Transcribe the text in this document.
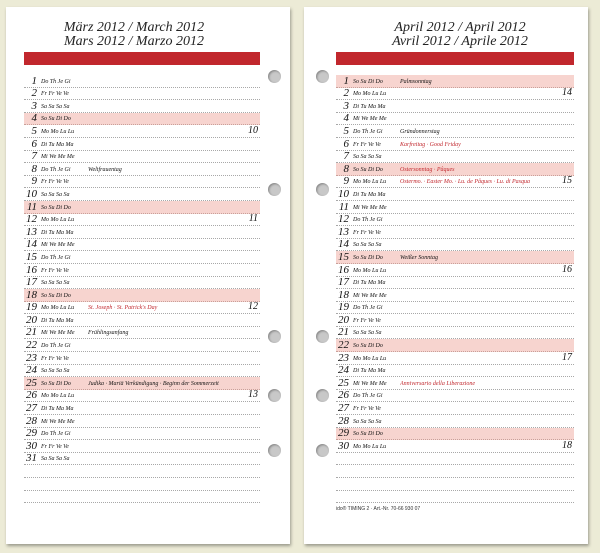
März 2012 / March 2012
Mars 2012 / Marzo 2012
1 Do Th Je Gi
2 Fr Fr Ve Ve
3 Sa Sa Sa Sa
4 So Su Di Do
5 Mo Mo Lu Lu	10
6 Di Tu Ma Ma
7 Mi We Me Me
8 Do Th Je Gi	Weltfrauentag
9 Fr Fr Ve Ve
10 Sa Sa Sa Sa
11 So Su Di Do
12 Mo Mo Lu Lu	11
13 Di Tu Ma Ma
14 Mi We Me Me
15 Do Th Je Gi
16 Fr Fr Ve Ve
17 Sa Sa Sa Sa
18 So Su Di Do
19 Mo Mo Lu Lu	St. Joseph · St. Patrick's Day	12
20 Di Tu Ma Ma
21 Mi We Me Me	Frühlingsanfang
22 Do Th Je Gi
23 Fr Fr Ve Ve
24 Sa Sa Sa Sa
25 So Su Di Do	Judika · Mariä Verkündigung · Beginn der Sommerzeit
26 Mo Mo Lu Lu	13
27 Di Tu Ma Ma
28 Mi We Me Me
29 Do Th Je Gi
30 Fr Fr Ve Ve
31 Sa Sa Sa Sa
April 2012 / April 2012
Avril 2012 / Aprile 2012
1 So Su Di Do	Palmsonntag
2 Mo Mo Lu Lu	14
3 Di Tu Ma Ma
4 Mi We Me Me
5 Do Th Je Gi	Gründonnerstag
6 Fr Fr Ve Ve	Karfreitag · Good Friday
7 Sa Sa Sa Sa
8 So Su Di Do	Ostersonntag · Pâques
9 Mo Mo Lu Lu	Ostermo. · Easter Mo. · Lu. de Pâques · Lu. di Pasqua	15
10 Di Tu Ma Ma
11 Mi We Me Me
12 Do Th Je Gi
13 Fr Fr Ve Ve
14 Sa Sa Sa Sa
15 So Su Di Do	Weißer Sonntag
16 Mo Mo Lu Lu	16
17 Di Tu Ma Ma
18 Mi We Me Me
19 Do Th Je Gi
20 Fr Fr Ve Ve
21 Sa Sa Sa Sa
22 So Su Di Do
23 Mo Mo Lu Lu	17
24 Di Tu Ma Ma
25 Mi We Me Me	Anniversario della Liberazione
26 Do Th Je Gi
27 Fr Fr Ve Ve
28 Sa Sa Sa Sa
29 So Su Di Do
30 Mo Mo Lu Lu	18
ido® TIMING 2 · Art.-Nr. 70-66 930 07
